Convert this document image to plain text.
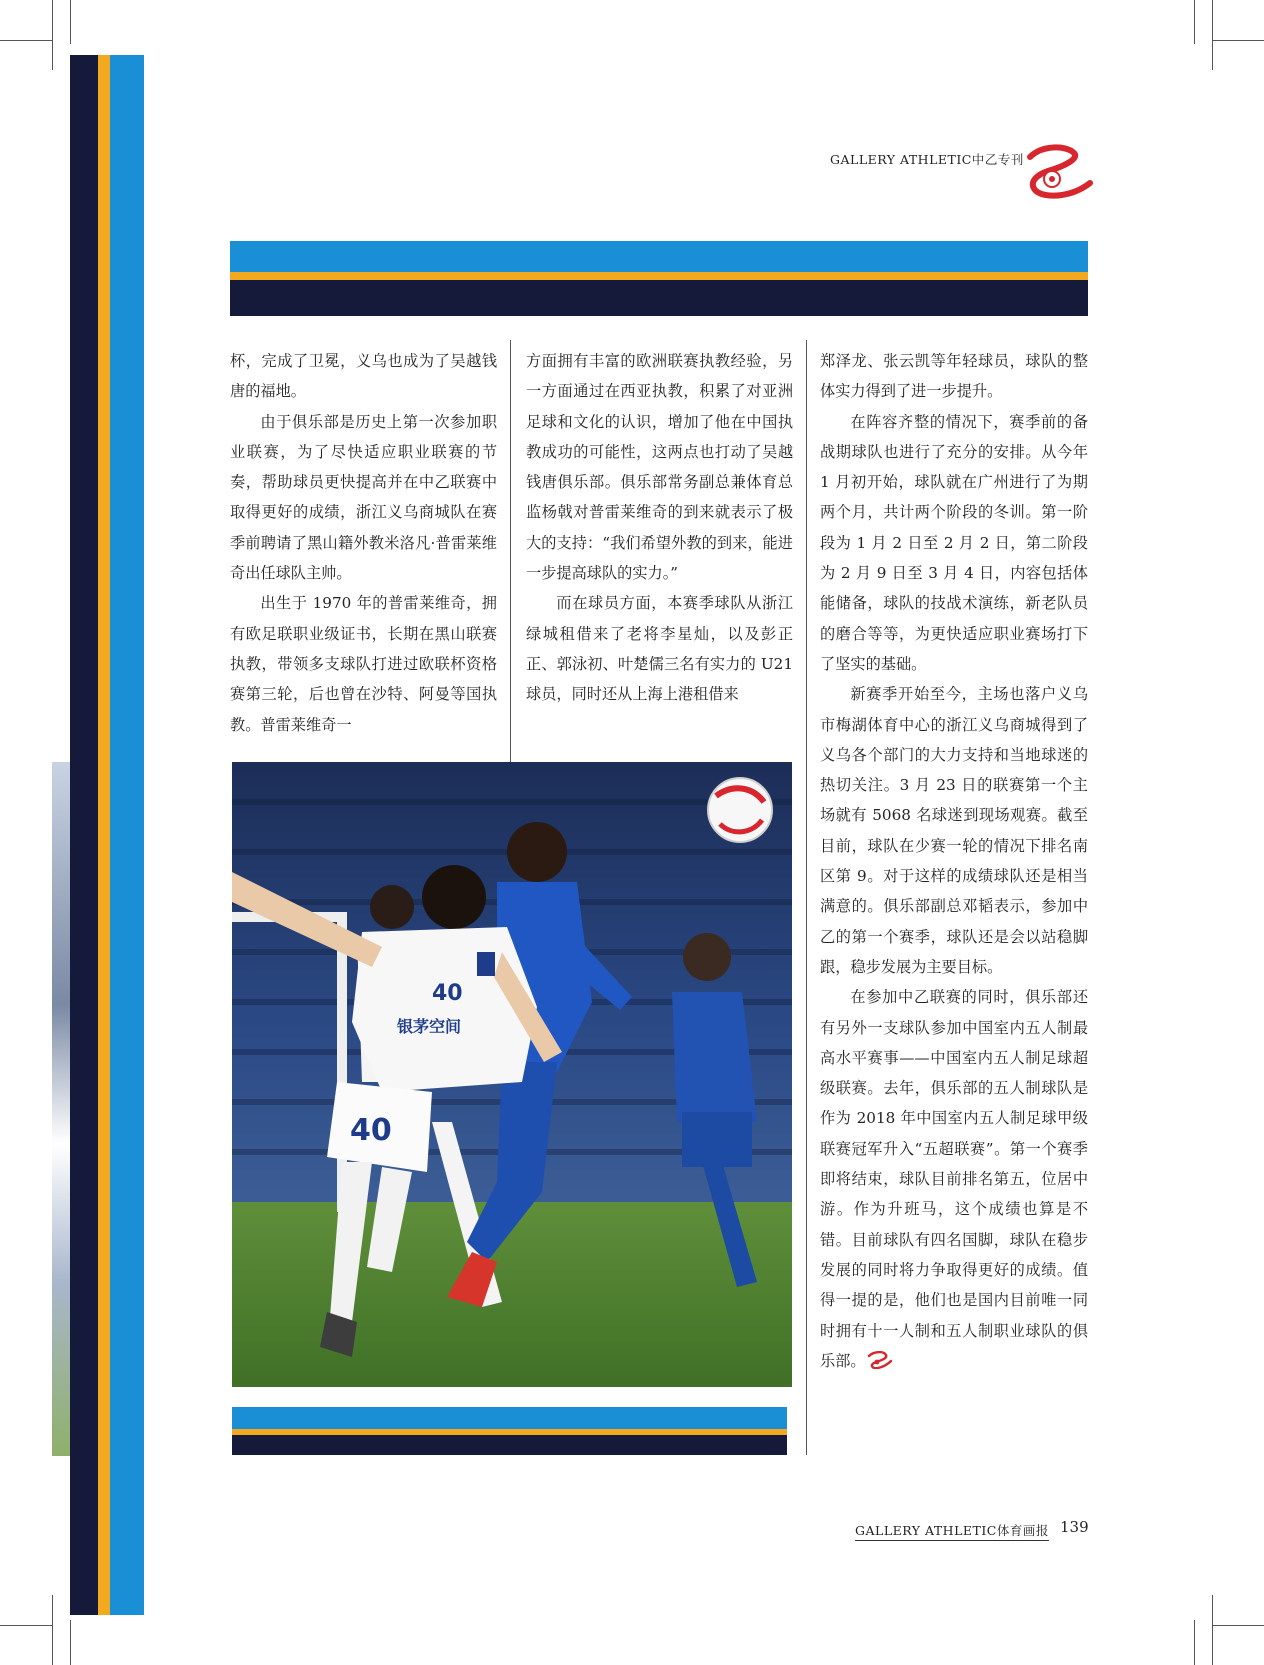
GALLERY ATHLETIC中乙专刊

杯，完成了卫冕，义乌也成为了吴越钱唐的福地。

由于俱乐部是历史上第一次参加职业联赛，为了尽快适应职业联赛的节奏，帮助球员更快提高并在中乙联赛中取得更好的成绩，浙江义乌商城队在赛季前聘请了黑山籍外教米洛凡·普雷莱维奇出任球队主帅。

出生于 1970 年的普雷莱维奇，拥有欧足联职业级证书，长期在黑山联赛执教，带领多支球队打进过欧联杯资格赛第三轮，后也曾在沙特、阿曼等国执教。普雷莱维奇一

方面拥有丰富的欧洲联赛执教经验，另一方面通过在西亚执教，积累了对亚洲足球和文化的认识，增加了他在中国执教成功的可能性，这两点也打动了吴越钱唐俱乐部。俱乐部常务副总兼体育总监杨戟对普雷莱维奇的到来就表示了极大的支持：“我们希望外教的到来，能进一步提高球队的实力。”

而在球员方面，本赛季球队从浙江绿城租借来了老将李星灿，以及彭正正、郭泳初、叶楚儒三名有实力的 U21 球员，同时还从上海上港租借来

郑泽龙、张云凯等年轻球员，球队的整体实力得到了进一步提升。

在阵容齐整的情况下，赛季前的备战期球队也进行了充分的安排。从今年 1 月初开始，球队就在广州进行了为期两个月，共计两个阶段的冬训。第一阶段为 1 月 2 日至 2 月 2 日，第二阶段为 2 月 9 日至 3 月 4 日，内容包括体能储备，球队的技战术演练，新老队员的磨合等等，为更快适应职业赛场打下了坚实的基础。

新赛季开始至今，主场也落户义乌市梅湖体育中心的浙江义乌商城得到了义乌各个部门的大力支持和当地球迷的热切关注。3 月 23 日的联赛第一个主场就有 5068 名球迷到现场观赛。截至目前，球队在少赛一轮的情况下排名南区第 9。对于这样的成绩球队还是相当满意的。俱乐部副总邓韬表示，参加中乙的第一个赛季，球队还是会以站稳脚跟，稳步发展为主要目标。

在参加中乙联赛的同时，俱乐部还有另外一支球队参加中国室内五人制最高水平赛事——中国室内五人制足球超级联赛。去年，俱乐部的五人制球队是作为 2018 年中国室内五人制足球甲级联赛冠军升入“五超联赛”。第一个赛季即将结束，球队目前排名第五，位居中游。作为升班马，这个成绩也算是不错。目前球队有四名国脚，球队在稳步发展的同时将力争取得更好的成绩。值得一提的是，他们也是国内目前唯一同时拥有十一人制和五人制职业球队的俱乐部。

40
银茅空间
40
GALLERY ATHLETIC体育画报 139
